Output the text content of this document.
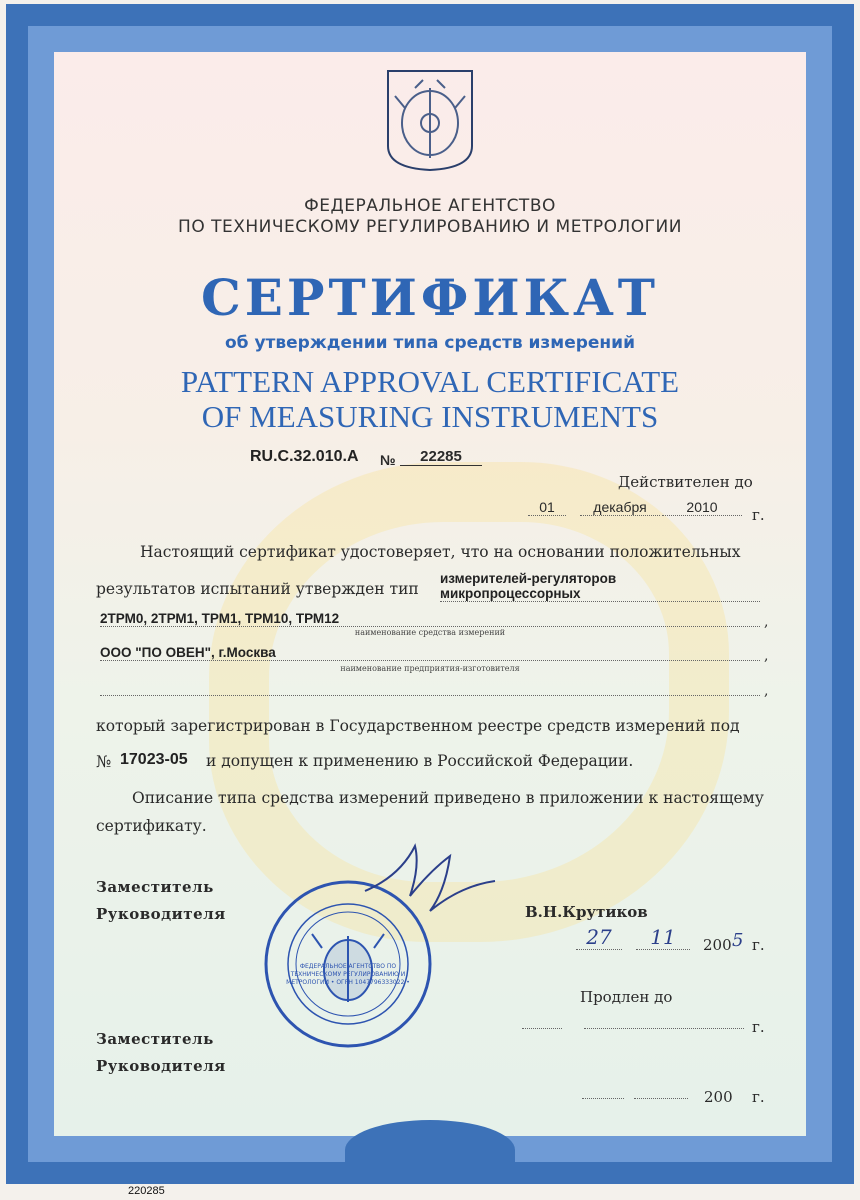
ФЕДЕРАЛЬНОЕ АГЕНТСТВО
ПО ТЕХНИЧЕСКОМУ РЕГУЛИРОВАНИЮ И МЕТРОЛОГИИ
СЕРТИФИКАТ
об утверждении типа средств измерений
PATTERN APPROVAL CERTIFICATE
OF MEASURING INSTRUMENTS
RU.C.32.010.A №	22285
Действителен до
01	декабря	2010	г.
Настоящий сертификат удостоверяет, что на основании положительных
результатов испытаний утвержден тип
измерителей-регуляторов микропроцессорных
2ТРМ0, 2ТРМ1, ТРМ1, ТРМ10, ТРМ12	,
наименование средства измерений
ООО "ПО ОВЕН", г.Москва	,
наименование предприятия-изготовителя
,
который зарегистрирован в Государственном реестре средств измерений под
№ 17023-05 и допущен к применению в Российской Федерации.
Описание типа средства измерений приведено в приложении к настоящему
сертификату.
Заместитель
Руководителя	В.Н.Крутиков
ФЕДЕРАЛЬНОЕ АГЕНТСТВО ПО ТЕХНИЧЕСКОМУ РЕГУЛИРОВАНИЮ И МЕТРОЛОГИИ • ОГРН 1047796333022 •
27	11	200 5 г.
Продлен до
г.
Заместитель
Руководителя
200 г.
220285
